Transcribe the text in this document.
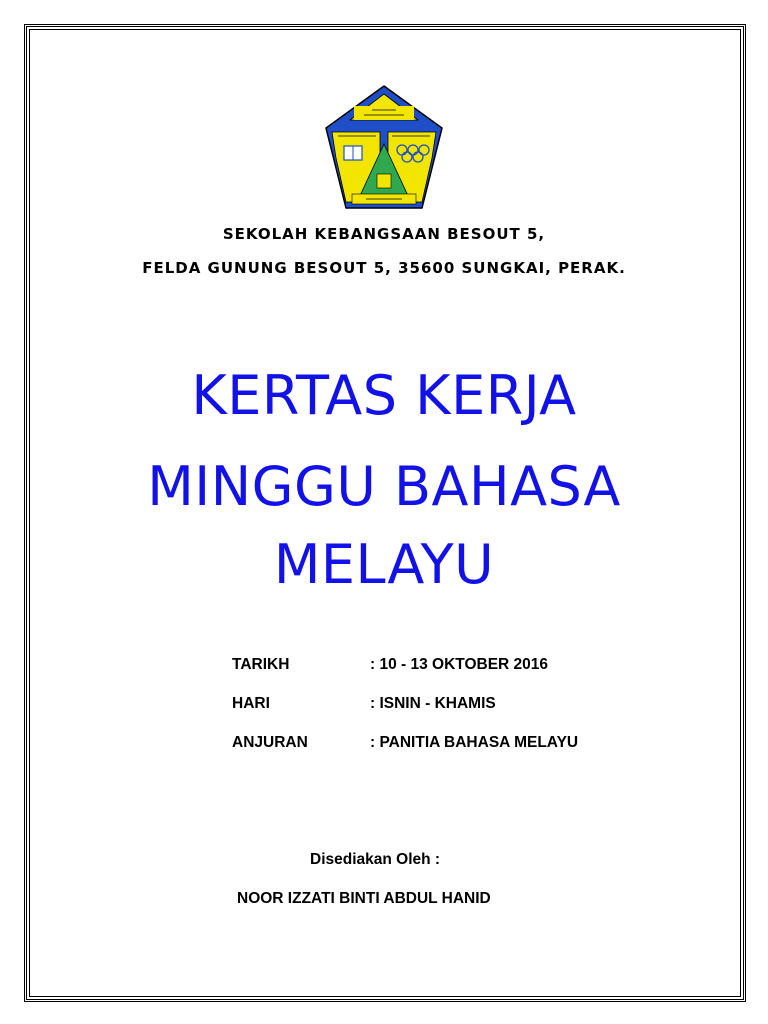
SEKOLAH KEBANGSAAN BESOUT 5,
FELDA GUNUNG BESOUT 5, 35600 SUNGKAI, PERAK.
KERTAS KERJA
MINGGU BAHASA
MELAYU
TARIKH	: 10 - 13 OKTOBER 2016
HARI	: ISNIN - KHAMIS
ANJURAN	: PANITIA BAHASA MELAYU
Disediakan Oleh :
NOOR IZZATI BINTI ABDUL HANID
